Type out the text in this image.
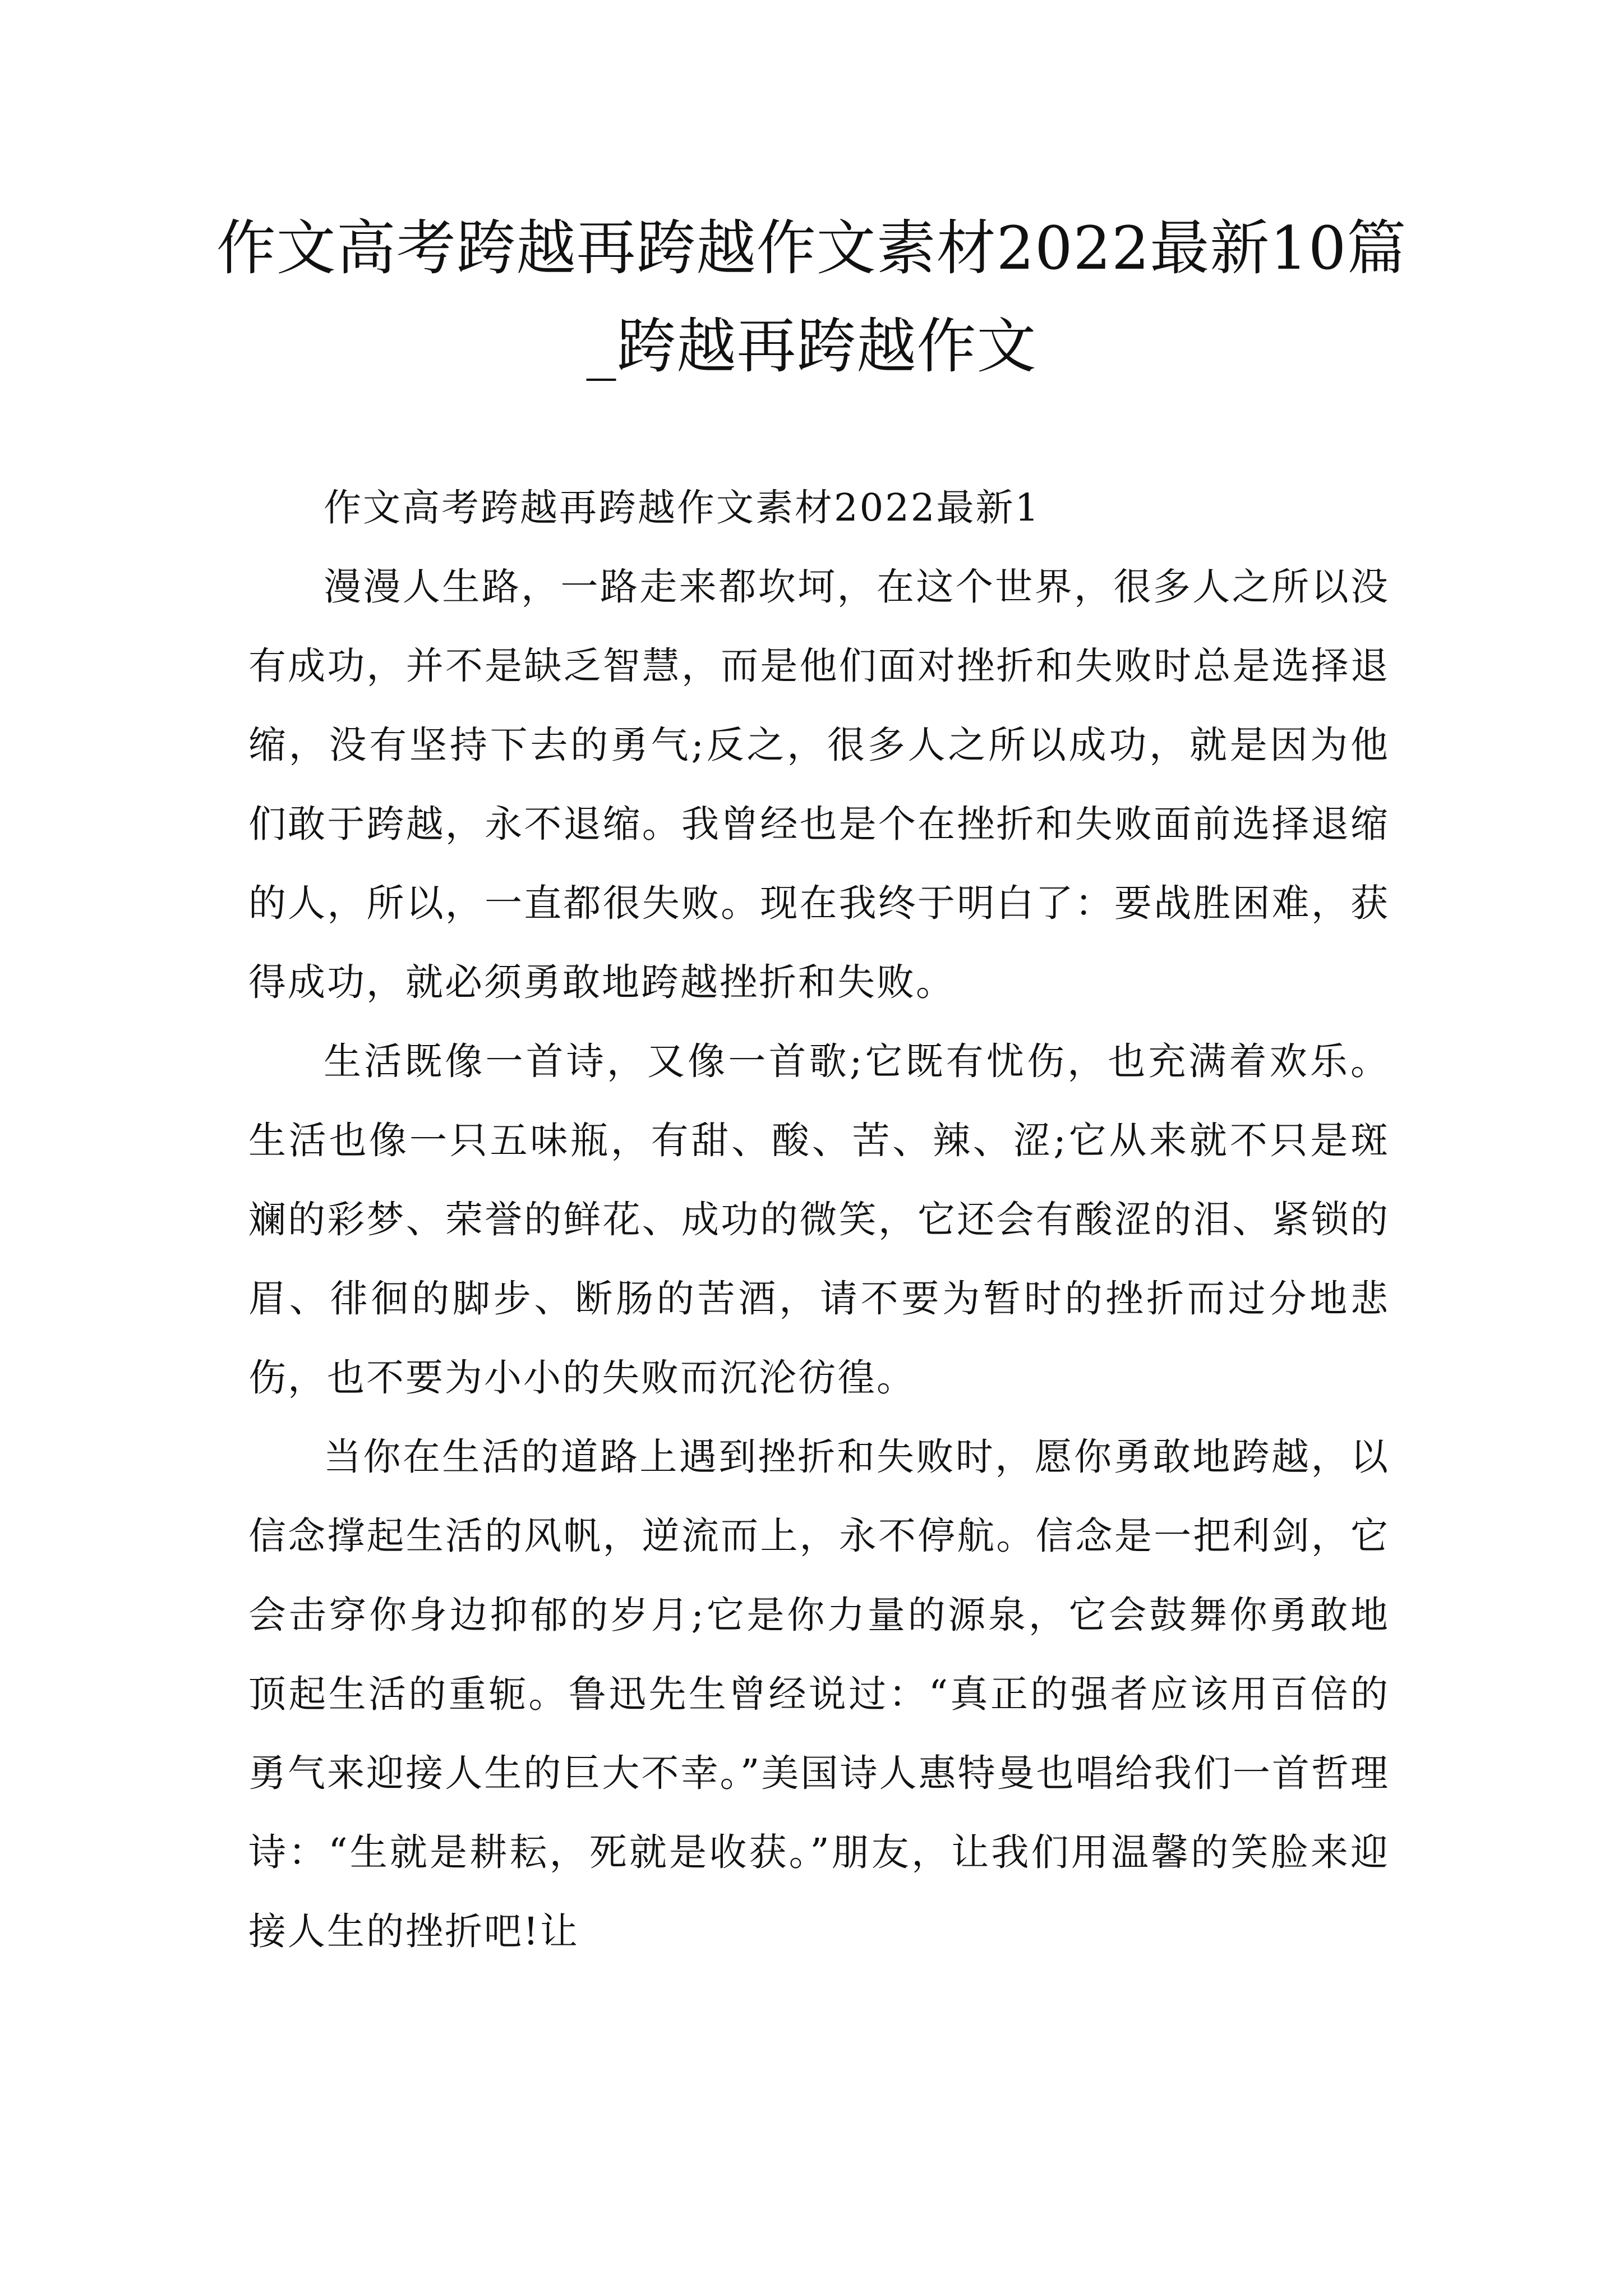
作文高考跨越再跨越作文素材2022最新10篇_跨越再跨越作文

作文高考跨越再跨越作文素材2022最新1

漫漫人生路，一路走来都坎坷，在这个世界，很多人之所以没有成功，并不是缺乏智慧，而是他们面对挫折和失败时总是选择退缩，没有坚持下去的勇气;反之，很多人之所以成功，就是因为他们敢于跨越，永不退缩。我曾经也是个在挫折和失败面前选择退缩的人，所以，一直都很失败。现在我终于明白了：要战胜困难，获得成功，就必须勇敢地跨越挫折和失败。

生活既像一首诗，又像一首歌;它既有忧伤，也充满着欢乐。生活也像一只五味瓶，有甜、酸、苦、辣、涩;它从来就不只是斑斓的彩梦、荣誉的鲜花、成功的微笑，它还会有酸涩的泪、紧锁的眉、徘徊的脚步、断肠的苦酒，请不要为暂时的挫折而过分地悲伤，也不要为小小的失败而沉沦彷徨。

当你在生活的道路上遇到挫折和失败时，愿你勇敢地跨越，以信念撑起生活的风帆，逆流而上，永不停航。信念是一把利剑，它会击穿你身边抑郁的岁月;它是你力量的源泉，它会鼓舞你勇敢地顶起生活的重轭。鲁迅先生曾经说过：“真正的强者应该用百倍的勇气来迎接人生的巨大不幸。”美国诗人惠特曼也唱给我们一首哲理诗：“生就是耕耘，死就是收获。”朋友，让我们用温馨的笑脸来迎接人生的挫折吧!让
